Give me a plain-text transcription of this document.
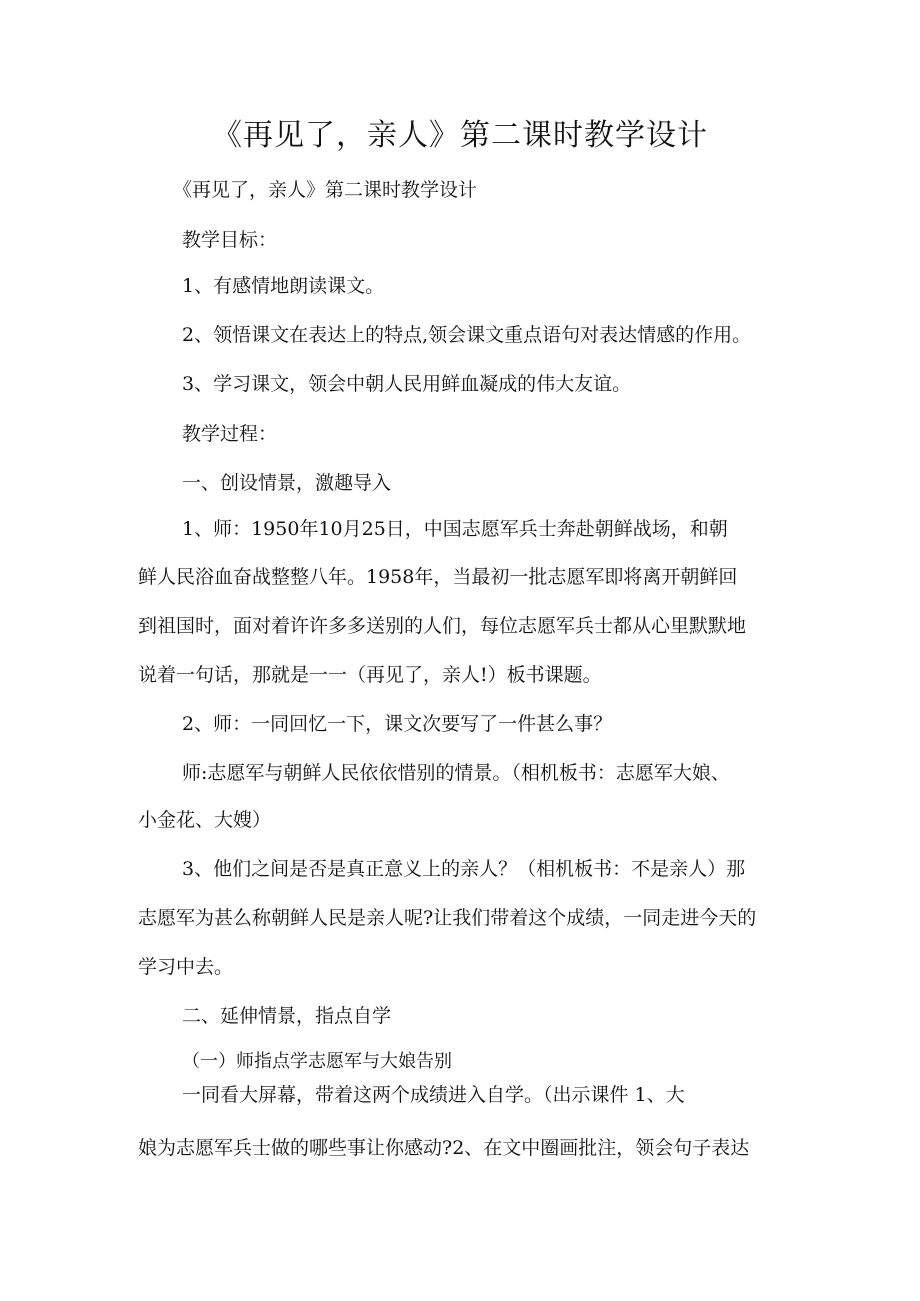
《再见了，亲人》第二课时教学设计

《再见了，亲人》第二课时教学设计

教学目标：

1、有感情地朗读课文。

2、领悟课文在表达上的特点,领会课文重点语句对表达情感的作用。

3、学习课文，领会中朝人民用鲜血凝成的伟大友谊。

教学过程：

一、创设情景，激趣导入

1、师：1950年10月25日，中国志愿军兵士奔赴朝鲜战场，和朝

鲜人民浴血奋战整整八年。1958年，当最初一批志愿军即将离开朝鲜回

到祖国时，面对着许许多多送别的人们，每位志愿军兵士都从心里默默地

说着一句话，那就是一一（再见了，亲人!）板书课题。

2、师：一同回忆一下，课文次要写了一件甚么事？

师:志愿军与朝鲜人民依依惜别的情景。（相机板书：志愿军大娘、

小金花、大嫂）

3、他们之间是否是真正意义上的亲人？（相机板书：不是亲人）那

志愿军为甚么称朝鲜人民是亲人呢?让我们带着这个成绩，一同走进今天的

学习中去。

二、延伸情景，指点自学

（一）师指点学志愿军与大娘告别

一同看大屏幕，带着这两个成绩进入自学。（出示课件 1、大

娘为志愿军兵士做的哪些事让你感动?2、在文中圈画批注，领会句子表达
